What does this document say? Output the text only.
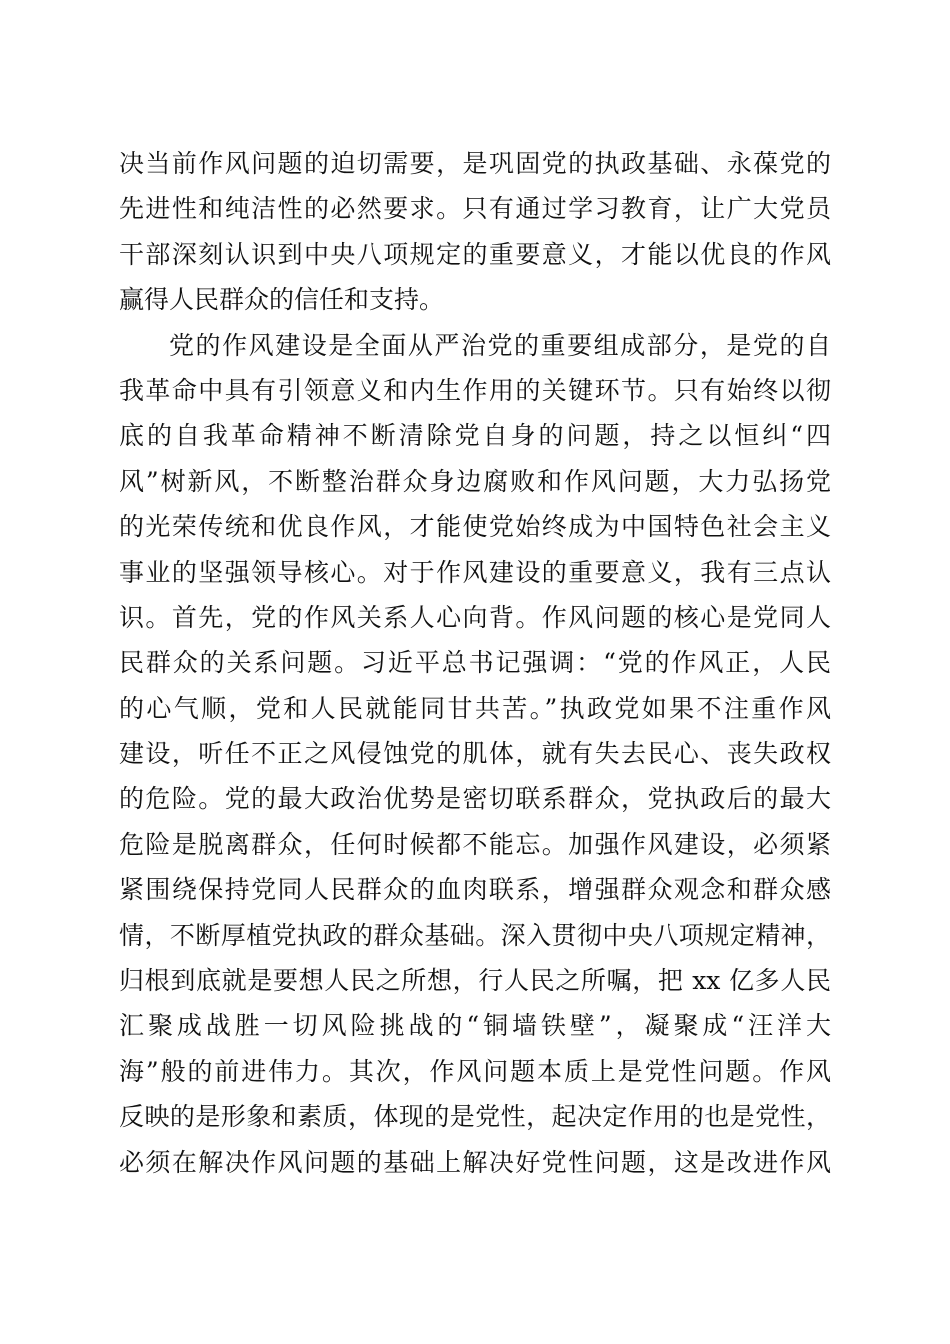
决当前作风问题的迫切需要，是巩固党的执政基础、永葆党的
先进性和纯洁性的必然要求。只有通过学习教育，让广大党员
干部深刻认识到中央八项规定的重要意义，才能以优良的作风
赢得人民群众的信任和支持。
党的作风建设是全面从严治党的重要组成部分，是党的自
我革命中具有引领意义和内生作用的关键环节。只有始终以彻
底的自我革命精神不断清除党自身的问题，持之以恒纠“四
风”树新风，不断整治群众身边腐败和作风问题，大力弘扬党
的光荣传统和优良作风，才能使党始终成为中国特色社会主义
事业的坚强领导核心。对于作风建设的重要意义，我有三点认
识。首先，党的作风关系人心向背。作风问题的核心是党同人
民群众的关系问题。习近平总书记强调：“党的作风正，人民
的心气顺，党和人民就能同甘共苦。”执政党如果不注重作风
建设，听任不正之风侵蚀党的肌体，就有失去民心、丧失政权
的危险。党的最大政治优势是密切联系群众，党执政后的最大
危险是脱离群众，任何时候都不能忘。加强作风建设，必须紧
紧围绕保持党同人民群众的血肉联系，增强群众观念和群众感
情，不断厚植党执政的群众基础。深入贯彻中央八项规定精神，
归根到底就是要想人民之所想，行人民之所嘱，把 xx 亿多人民
汇聚成战胜一切风险挑战的“铜墙铁壁”，凝聚成“汪洋大
海”般的前进伟力。其次，作风问题本质上是党性问题。作风
反映的是形象和素质，体现的是党性，起决定作用的也是党性，
必须在解决作风问题的基础上解决好党性问题，这是改进作风
